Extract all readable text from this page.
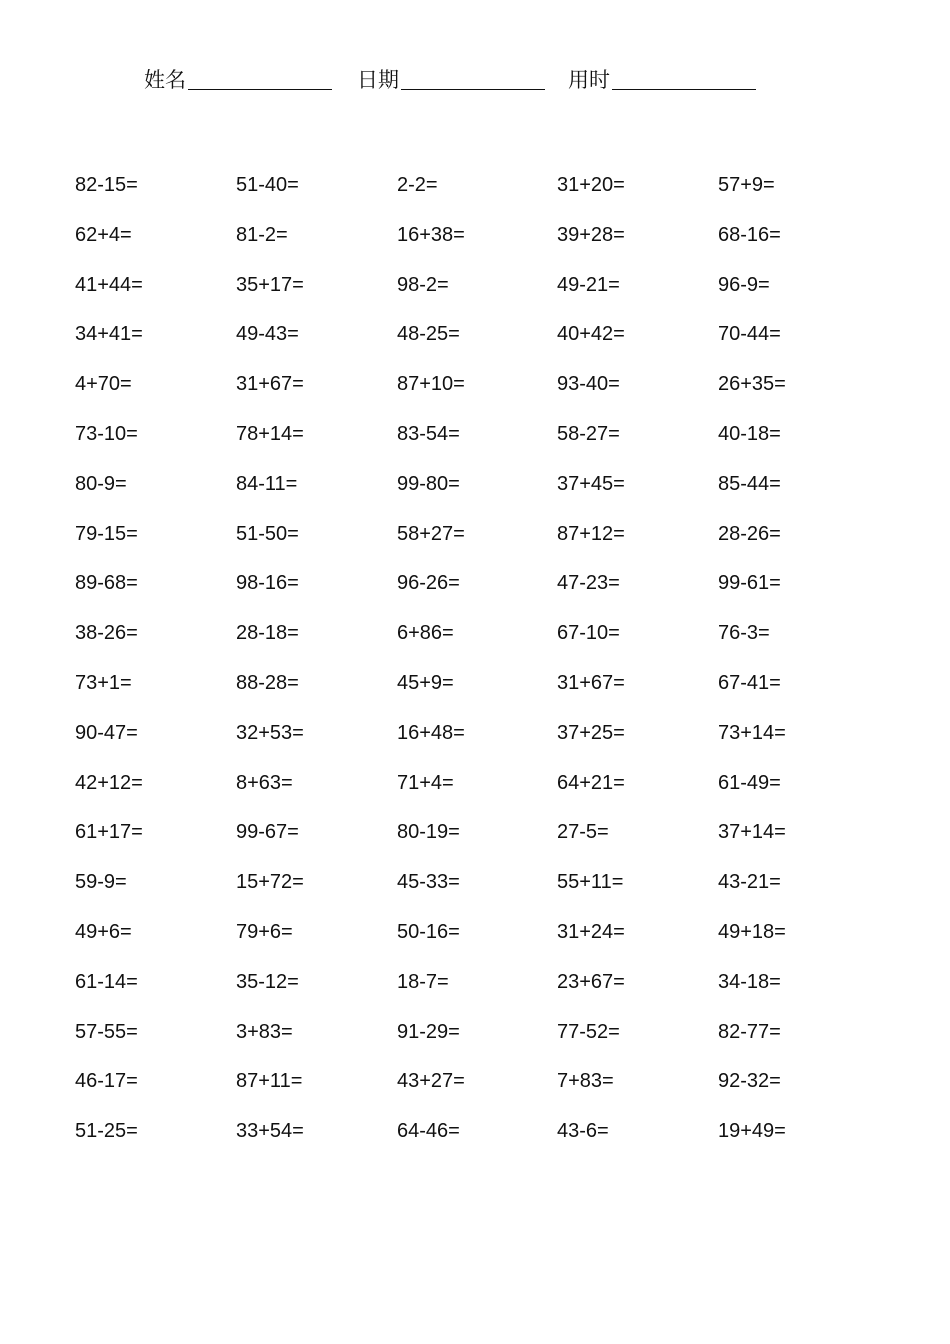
姓名	日期	用时
82-15=	51-40=	2-2=	31+20=	57+9=
62+4=	81-2=	16+38=	39+28=	68-16=
41+44=	35+17=	98-2=	49-21=	96-9=
34+41=	49-43=	48-25=	40+42=	70-44=
4+70=	31+67=	87+10=	93-40=	26+35=
73-10=	78+14=	83-54=	58-27=	40-18=
80-9=	84-11=	99-80=	37+45=	85-44=
79-15=	51-50=	58+27=	87+12=	28-26=
89-68=	98-16=	96-26=	47-23=	99-61=
38-26=	28-18=	6+86=	67-10=	76-3=
73+1=	88-28=	45+9=	31+67=	67-41=
90-47=	32+53=	16+48=	37+25=	73+14=
42+12=	8+63=	71+4=	64+21=	61-49=
61+17=	99-67=	80-19=	27-5=	37+14=
59-9=	15+72=	45-33=	55+11=	43-21=
49+6=	79+6=	50-16=	31+24=	49+18=
61-14=	35-12=	18-7=	23+67=	34-18=
57-55=	3+83=	91-29=	77-52=	82-77=
46-17=	87+11=	43+27=	7+83=	92-32=
51-25=	33+54=	64-46=	43-6=	19+49=
